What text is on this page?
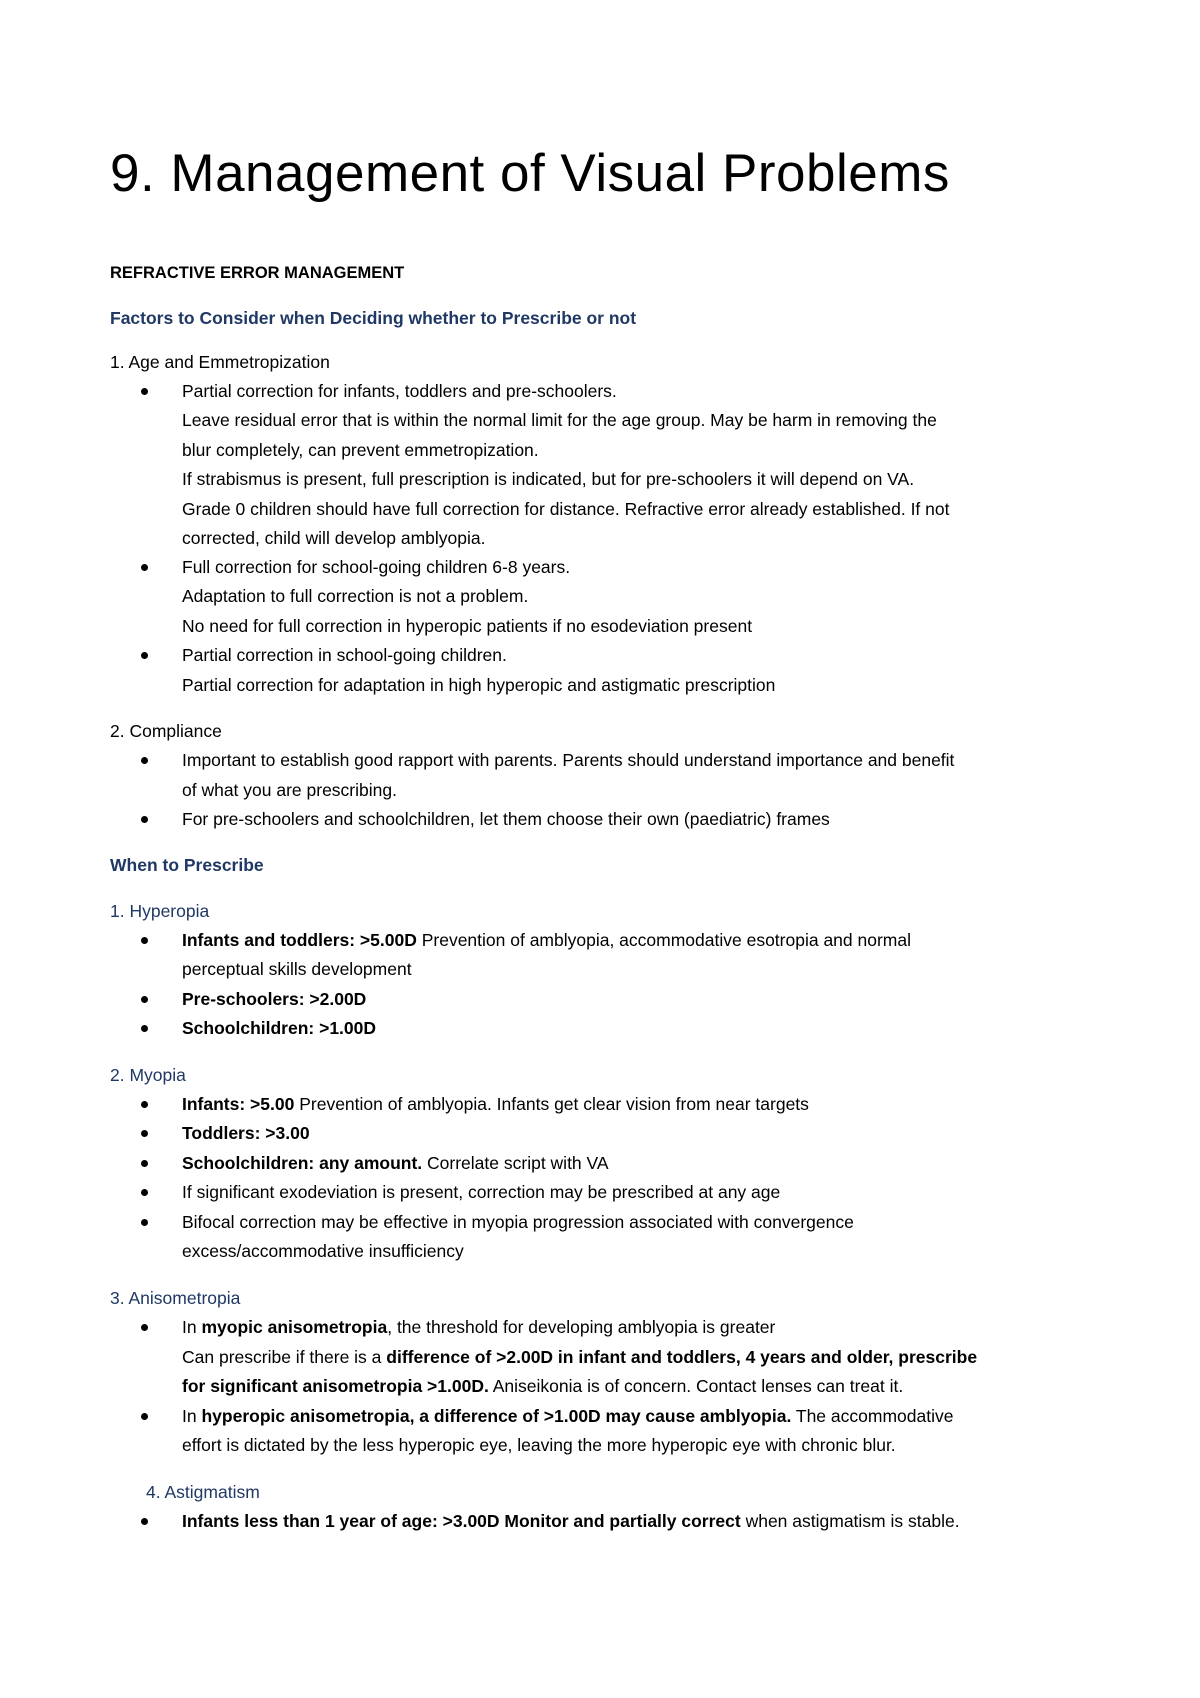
9. Management of Visual Problems

REFRACTIVE ERROR MANAGEMENT

Factors to Consider when Deciding whether to Prescribe or not

1. Age and Emmetropization

Partial correction for infants, toddlers and pre-schoolers.

Leave residual error that is within the normal limit for the age group. May be harm in removing the

blur completely, can prevent emmetropization.

If strabismus is present, full prescription is indicated, but for pre-schoolers it will depend on VA.

Grade 0 children should have full correction for distance. Refractive error already established. If not

corrected, child will develop amblyopia.

Full correction for school-going children 6-8 years.

Adaptation to full correction is not a problem.

No need for full correction in hyperopic patients if no esodeviation present

Partial correction in school-going children.

Partial correction for adaptation in high hyperopic and astigmatic prescription

2. Compliance

Important to establish good rapport with parents. Parents should understand importance and benefit

of what you are prescribing.

For pre-schoolers and schoolchildren, let them choose their own (paediatric) frames

When to Prescribe

1. Hyperopia

Infants and toddlers: >5.00D Prevention of amblyopia, accommodative esotropia and normal

perceptual skills development

Pre-schoolers: >2.00D

Schoolchildren: >1.00D

2. Myopia

Infants: >5.00 Prevention of amblyopia. Infants get clear vision from near targets

Toddlers: >3.00

Schoolchildren: any amount. Correlate script with VA

If significant exodeviation is present, correction may be prescribed at any age

Bifocal correction may be effective in myopia progression associated with convergence

excess/accommodative insufficiency

3. Anisometropia

In myopic anisometropia, the threshold for developing amblyopia is greater

Can prescribe if there is a difference of >2.00D in infant and toddlers, 4 years and older, prescribe

for significant anisometropia >1.00D. Aniseikonia is of concern. Contact lenses can treat it.

In hyperopic anisometropia, a difference of >1.00D may cause amblyopia. The accommodative

effort is dictated by the less hyperopic eye, leaving the more hyperopic eye with chronic blur.

4. Astigmatism

Infants less than 1 year of age: >3.00D Monitor and partially correct when astigmatism is stable.
